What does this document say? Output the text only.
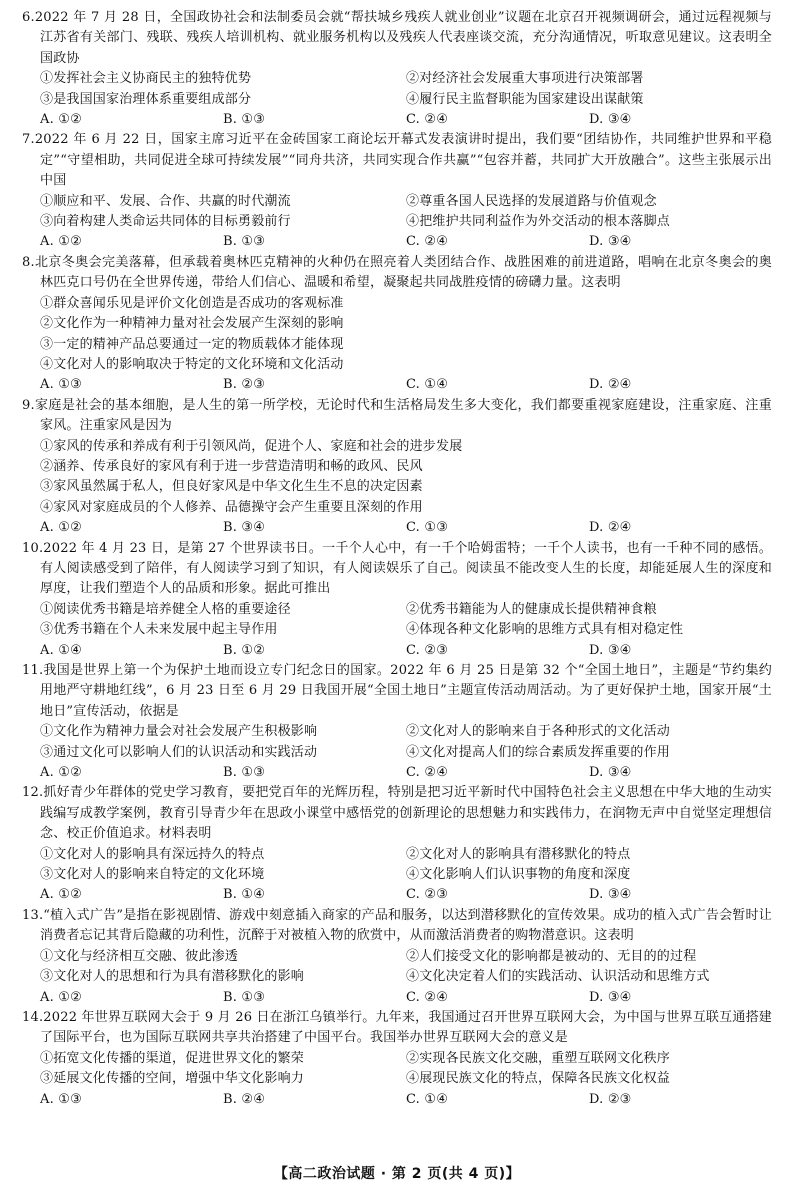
6.2022 年 7 月 28 日，全国政协社会和法制委员会就“帮扶城乡残疾人就业创业”议题在北京召开视频调研会，通过远程视频与江苏省有关部门、残联、残疾人培训机构、就业服务机构以及残疾人代表座谈交流，充分沟通情况，听取意见建议。这表明全国政协
①发挥社会主义协商民主的独特优势	②对经济社会发展重大事项进行决策部署
③是我国国家治理体系重要组成部分	④履行民主监督职能为国家建设出谋献策
A. ①②	B. ①③	C. ②④	D. ③④
7.2022 年 6 月 22 日，国家主席习近平在金砖国家工商论坛开幕式发表演讲时提出，我们要“团结协作，共同维护世界和平稳定”“守望相助，共同促进全球可持续发展”“同舟共济，共同实现合作共赢”“包容并蓄，共同扩大开放融合”。这些主张展示出中国
①顺应和平、发展、合作、共赢的时代潮流	②尊重各国人民选择的发展道路与价值观念
③向着构建人类命运共同体的目标勇毅前行	④把维护共同利益作为外交活动的根本落脚点
A. ①②	B. ①③	C. ②④	D. ③④
8.北京冬奥会完美落幕，但承载着奥林匹克精神的火种仍在照亮着人类团结合作、战胜困难的前进道路，唱响在北京冬奥会的奥林匹克口号仍在全世界传递，带给人们信心、温暖和希望，凝聚起共同战胜疫情的磅礴力量。这表明
①群众喜闻乐见是评价文化创造是否成功的客观标准
②文化作为一种精神力量对社会发展产生深刻的影响
③一定的精神产品总要通过一定的物质载体才能体现
④文化对人的影响取决于特定的文化环境和文化活动
A. ①③	B. ②③	C. ①④	D. ②④
9.家庭是社会的基本细胞，是人生的第一所学校，无论时代和生活格局发生多大变化，我们都要重视家庭建设，注重家庭、注重家风。注重家风是因为
①家风的传承和养成有利于引领风尚，促进个人、家庭和社会的进步发展
②涵养、传承良好的家风有利于进一步营造清明和畅的政风、民风
③家风虽然属于私人，但良好家风是中华文化生生不息的决定因素
④家风对家庭成员的个人修养、品德操守会产生重要且深刻的作用
A. ①②	B. ③④	C. ①③	D. ②④
10.2022 年 4 月 23 日，是第 27 个世界读书日。一千个人心中，有一千个哈姆雷特；一千个人读书，也有一千种不同的感悟。有人阅读感受到了陪伴，有人阅读学习到了知识，有人阅读娱乐了自己。阅读虽不能改变人生的长度，却能延展人生的深度和厚度，让我们塑造个人的品质和形象。据此可推出
①阅读优秀书籍是培养健全人格的重要途径	②优秀书籍能为人的健康成长提供精神食粮
③优秀书籍在个人未来发展中起主导作用	④体现各种文化影响的思维方式具有相对稳定性
A. ①④	B. ①②	C. ②③	D. ③④
11.我国是世界上第一个为保护土地而设立专门纪念日的国家。2022 年 6 月 25 日是第 32 个“全国土地日”，主题是“节约集约用地严守耕地红线”，6 月 23 日至 6 月 29 日我国开展“全国土地日”主题宣传活动周活动。为了更好保护土地，国家开展“土地日”宣传活动，依据是
①文化作为精神力量会对社会发展产生积极影响	②文化对人的影响来自于各种形式的文化活动
③通过文化可以影响人们的认识活动和实践活动	④文化对提高人们的综合素质发挥重要的作用
A. ①②	B. ①③	C. ②④	D. ③④
12.抓好青少年群体的党史学习教育，要把党百年的光辉历程，特别是把习近平新时代中国特色社会主义思想在中华大地的生动实践编写成教学案例，教育引导青少年在思政小课堂中感悟党的创新理论的思想魅力和实践伟力，在润物无声中自觉坚定理想信念、校正价值追求。材料表明
①文化对人的影响具有深远持久的特点	②文化对人的影响具有潜移默化的特点
③文化对人的影响来自特定的文化环境	④文化影响人们认识事物的角度和深度
A. ①②	B. ①④	C. ②③	D. ③④
13.“植入式广告”是指在影视剧情、游戏中刻意插入商家的产品和服务，以达到潜移默化的宣传效果。成功的植入式广告会暂时让消费者忘记其背后隐藏的功利性，沉醉于对被植入物的欣赏中，从而激活消费者的购物潜意识。这表明
①文化与经济相互交融、彼此渗透	②人们接受文化的影响都是被动的、无目的的过程
③文化对人的思想和行为具有潜移默化的影响	④文化决定着人们的实践活动、认识活动和思维方式
A. ①②	B. ①③	C. ②④	D. ③④
14.2022 年世界互联网大会于 9 月 26 日在浙江乌镇举行。九年来，我国通过召开世界互联网大会，为中国与世界互联互通搭建了国际平台，也为国际互联网共享共治搭建了中国平台。我国举办世界互联网大会的意义是
①拓宽文化传播的渠道，促进世界文化的繁荣	②实现各民族文化交融，重塑互联网文化秩序
③延展文化传播的空间，增强中华文化影响力	④展现民族文化的特点，保障各民族文化权益
A. ①③	B. ②④	C. ①④	D. ②③
【高二政治试题 · 第 2 页(共 4 页)】
